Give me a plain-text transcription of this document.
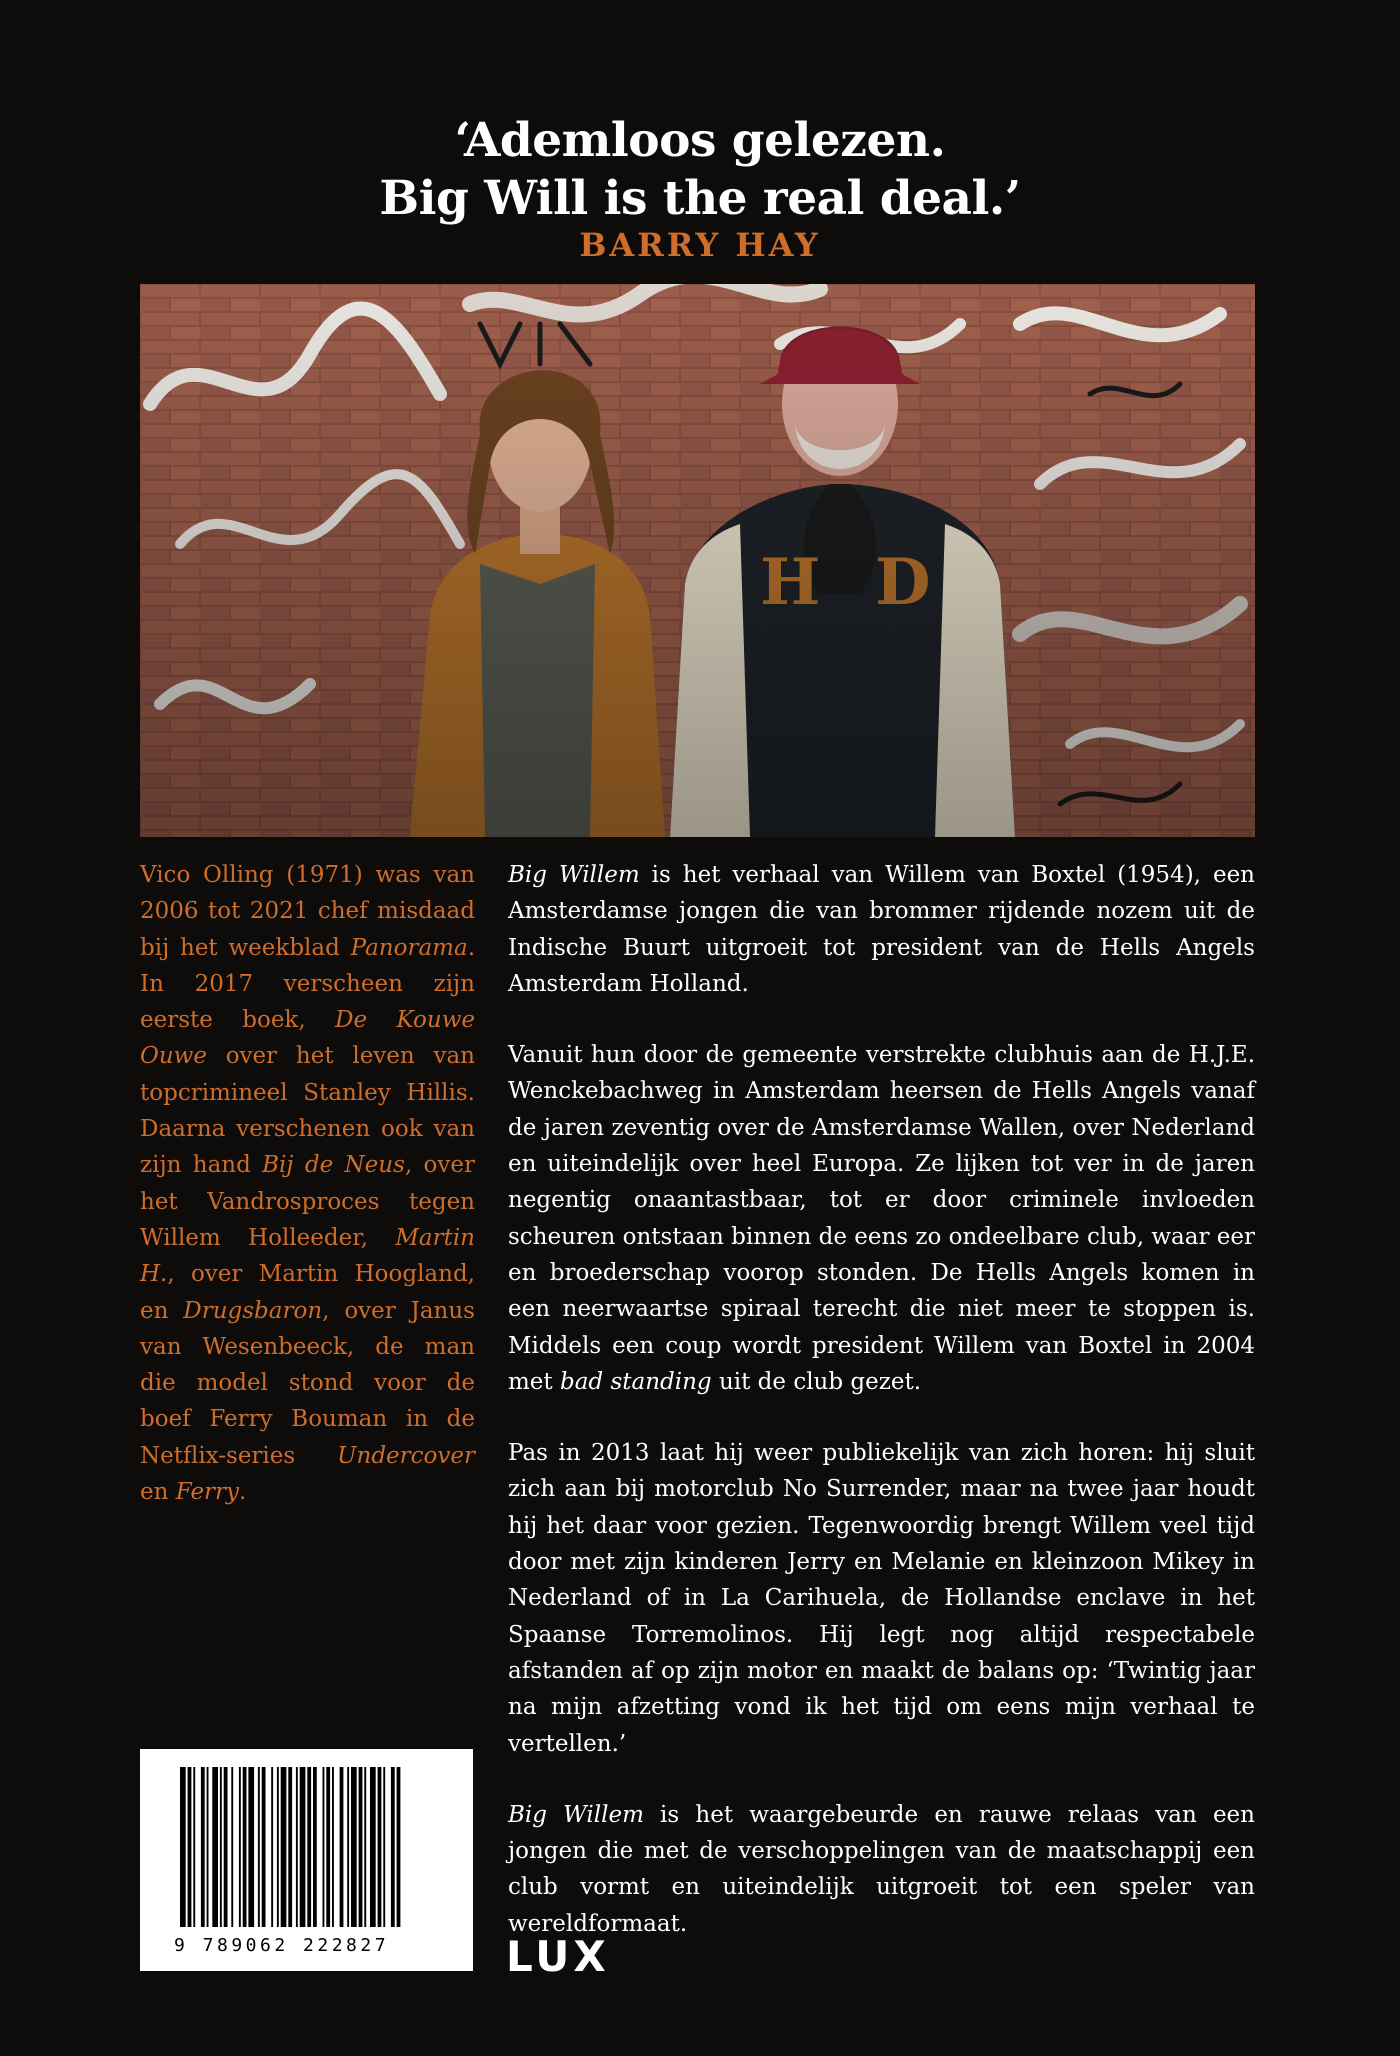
‘Ademloos gelezen.
Big Will is the real deal.’
BARRY HAY
Vico Olling (1971) was van 2006 tot 2021 chef misdaad bij het weekblad Panorama. In 2017 verscheen zijn eerste boek, De Kouwe Ouwe over het leven van topcrimineel Stanley Hillis. Daarna verschenen ook van zijn hand Bij de Neus, over het Vandrosproces tegen Willem Holleeder, Martin H., over Martin Hoogland, en Drugsbaron, over Janus van Wesenbeeck, de man die model stond voor de boef Ferry Bouman in de Netflix-series Undercover en Ferry.

Big Willem is het verhaal van Willem van Boxtel (1954), een Amsterdamse jongen die van brommer rijdende nozem uit de Indische Buurt uitgroeit tot president van de Hells Angels Amsterdam Holland.

Vanuit hun door de gemeente verstrekte clubhuis aan de H.J.E. Wenckebachweg in Amsterdam heersen de Hells Angels vanaf de jaren zeventig over de Amsterdamse Wallen, over Nederland en uiteindelijk over heel Europa. Ze lijken tot ver in de jaren negentig onaantastbaar, tot er door criminele invloeden scheuren ontstaan binnen de eens zo ondeelbare club, waar eer en broederschap voorop stonden. De Hells Angels komen in een neerwaartse spiraal terecht die niet meer te stoppen is. Middels een coup wordt president Willem van Boxtel in 2004 met bad standing uit de club gezet.

Pas in 2013 laat hij weer publiekelijk van zich horen: hij sluit zich aan bij motorclub No Surrender, maar na twee jaar houdt hij het daar voor gezien. Tegenwoordig brengt Willem veel tijd door met zijn kinderen Jerry en Melanie en kleinzoon Mikey in Nederland of in La Carihuela, de Hollandse enclave in het Spaanse Torremolinos. Hij legt nog altijd respectabele afstanden af op zijn motor en maakt de balans op: ‘Twintig jaar na mijn afzetting vond ik het tijd om eens mijn verhaal te vertellen.’

Big Willem is het waargebeurde en rauwe relaas van een jongen die met de verschoppelingen van de maatschappij een club vormt en uiteindelijk uitgroeit tot een speler van wereldformaat.

9 789062 222827	LUX
